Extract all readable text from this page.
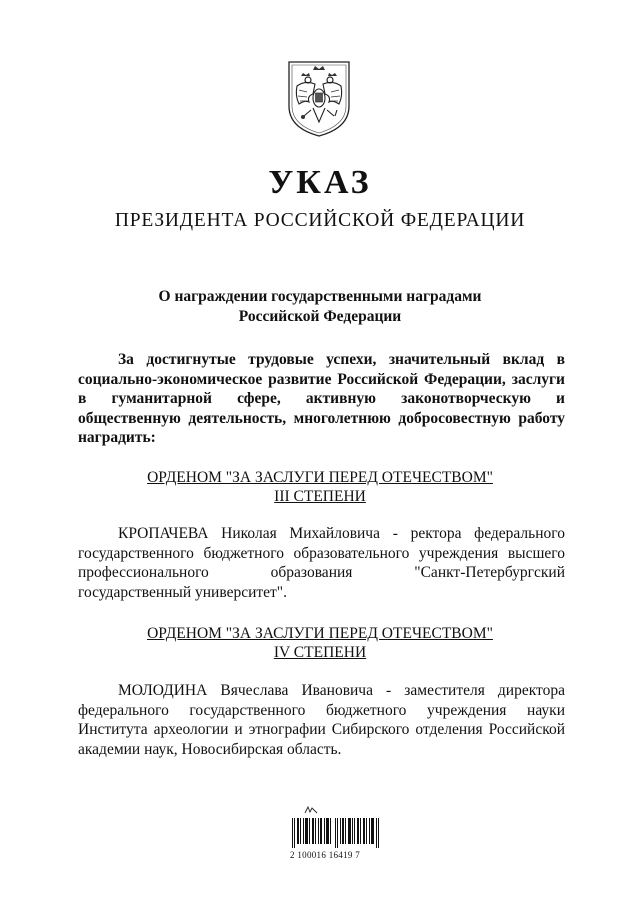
УКАЗ
ПРЕЗИДЕНТА РОССИЙСКОЙ ФЕДЕРАЦИИ
О награждении государственными наградами
Российской Федерации
За достигнутые трудовые успехи, значительный вклад в социально-экономическое развитие Российской Федерации, заслуги в гуманитарной сфере, активную законотворческую и общественную деятельность, многолетнюю добросовестную работу наградить:
ОРДЕНОМ "ЗА ЗАСЛУГИ ПЕРЕД ОТЕЧЕСТВОМ"
III СТЕПЕНИ
КРОПАЧЕВА Николая Михайловича - ректора федерального государственного бюджетного образовательного учреждения высшего профессионального образования "Санкт-Петербургский государственный университет".
ОРДЕНОМ "ЗА ЗАСЛУГИ ПЕРЕД ОТЕЧЕСТВОМ"
IV СТЕПЕНИ
МОЛОДИНА Вячеслава Ивановича - заместителя директора федерального государственного бюджетного учреждения науки Института археологии и этнографии Сибирского отделения Российской академии наук, Новосибирская область.
2 100016 16419 7
